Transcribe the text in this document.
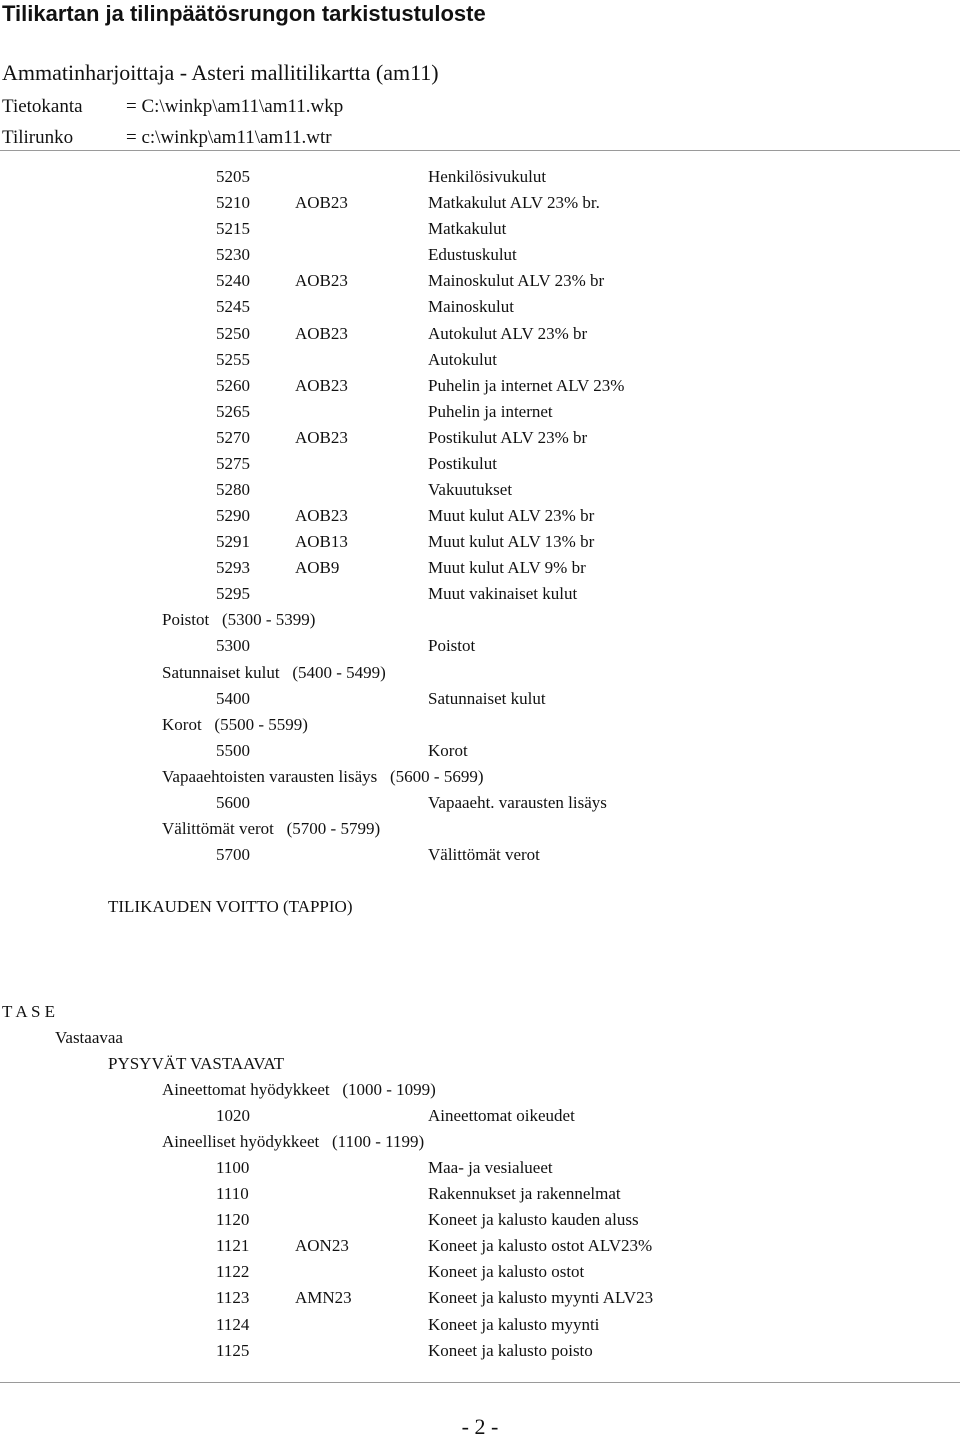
Tilikartan ja tilinpäätösrungon tarkistustuloste
Ammatinharjoittaja - Asteri mallitilikartta (am11)
Tietokanta = C:\winkp\am11\am11.wkp
Tilirunko	= c:\winkp\am11\am11.wtr
5205	Henkilösivukulut
5210	AOB23	Matkakulut ALV 23% br.
5215	Matkakulut
5230	Edustuskulut
5240	AOB23	Mainoskulut ALV 23% br
5245	Mainoskulut
5250	AOB23	Autokulut ALV 23% br
5255	Autokulut
5260	AOB23	Puhelin ja internet ALV 23%
5265	Puhelin ja internet
5270	AOB23	Postikulut ALV 23% br
5275	Postikulut
5280	Vakuutukset
5290	AOB23	Muut kulut ALV 23% br
5291	AOB13	Muut kulut ALV 13% br
5293	AOB9	Muut kulut ALV 9% br
5295	Muut vakinaiset kulut
Poistot   (5300 - 5399)
5300	Poistot
Satunnaiset kulut   (5400 - 5499)
5400	Satunnaiset kulut
Korot   (5500 - 5599)
5500	Korot
Vapaaehtoisten varausten lisäys   (5600 - 5699)
5600	Vapaaeht. varausten lisäys
Välittömät verot   (5700 - 5799)
5700	Välittömät verot
TILIKAUDEN VOITTO (TAPPIO)
T A S E
Vastaavaa
PYSYVÄT VASTAAVAT
Aineettomat hyödykkeet   (1000 - 1099)
1020	Aineettomat oikeudet
Aineelliset hyödykkeet   (1100 - 1199)
1100	Maa- ja vesialueet
1110	Rakennukset ja rakennelmat
1120	Koneet ja kalusto kauden aluss
1121	AON23	Koneet ja kalusto ostot ALV23%
1122	Koneet ja kalusto ostot
1123	AMN23	Koneet ja kalusto myynti ALV23
1124	Koneet ja kalusto myynti
1125	Koneet ja kalusto poisto
- 2 -
